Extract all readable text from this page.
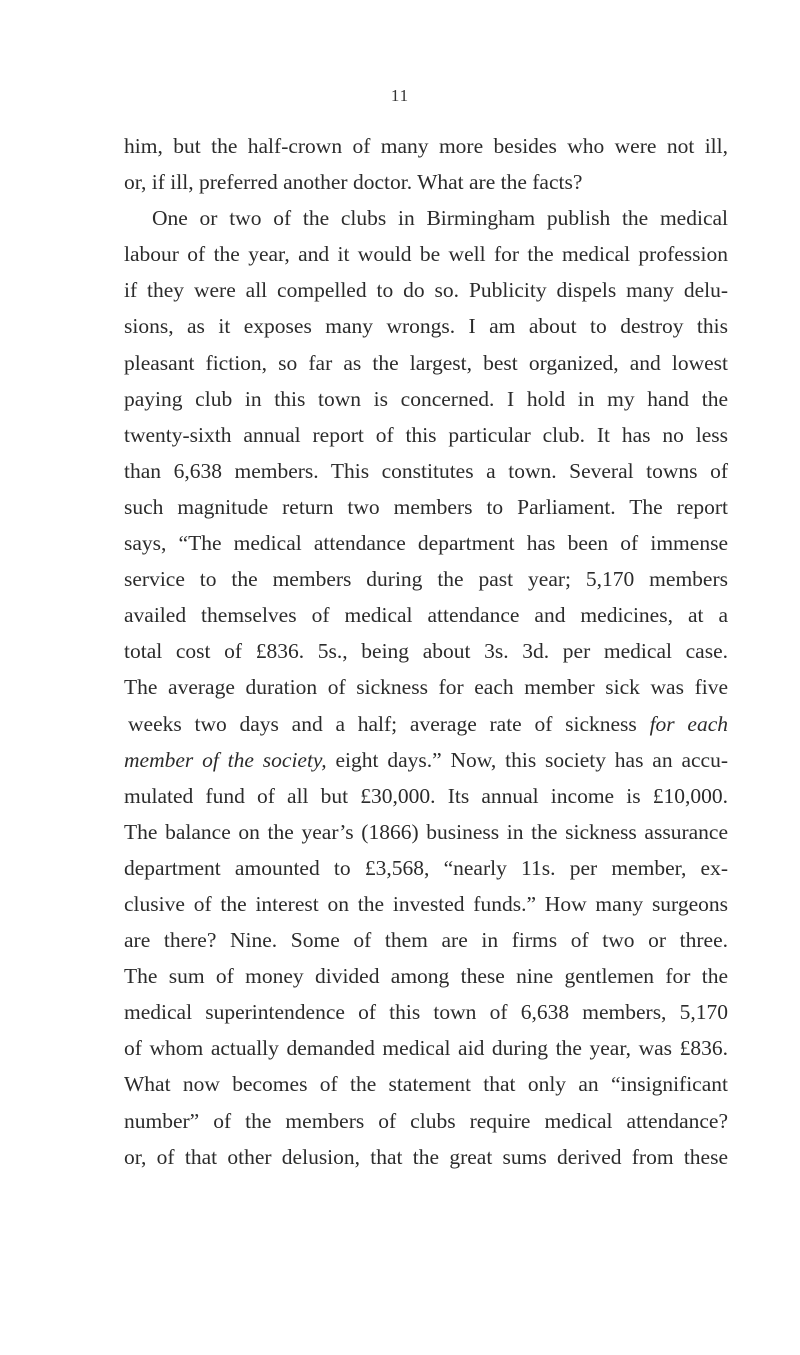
11
him, but the half-crown of many more besides who were not ill,
or, if ill, preferred another doctor. What are the facts?
One or two of the clubs in Birmingham publish the medical
labour of the year, and it would be well for the medical profession
if they were all compelled to do so. Publicity dispels many delu-
sions, as it exposes many wrongs. I am about to destroy this
pleasant fiction, so far as the largest, best organized, and lowest
paying club in this town is concerned. I hold in my hand the
twenty-sixth annual report of this particular club. It has no less
than 6,638 members. This constitutes a town. Several towns of
such magnitude return two members to Parliament. The report
says, “The medical attendance department has been of immense
service to the members during the past year; 5,170 members
availed themselves of medical attendance and medicines, at a
total cost of £836. 5s., being about 3s. 3d. per medical case.
The average duration of sickness for each member sick was five
weeks two days and a half; average rate of sickness for each
member of the society, eight days.” Now, this society has an accu-
mulated fund of all but £30,000. Its annual income is £10,000.
The balance on the year’s (1866) business in the sickness assurance
department amounted to £3,568, “nearly 11s. per member, ex-
clusive of the interest on the invested funds.” How many surgeons
are there? Nine. Some of them are in firms of two or three.
The sum of money divided among these nine gentlemen for the
medical superintendence of this town of 6,638 members, 5,170
of whom actually demanded medical aid during the year, was £836.
What now becomes of the statement that only an “insignificant
number” of the members of clubs require medical attendance?
or, of that other delusion, that the great sums derived from these
